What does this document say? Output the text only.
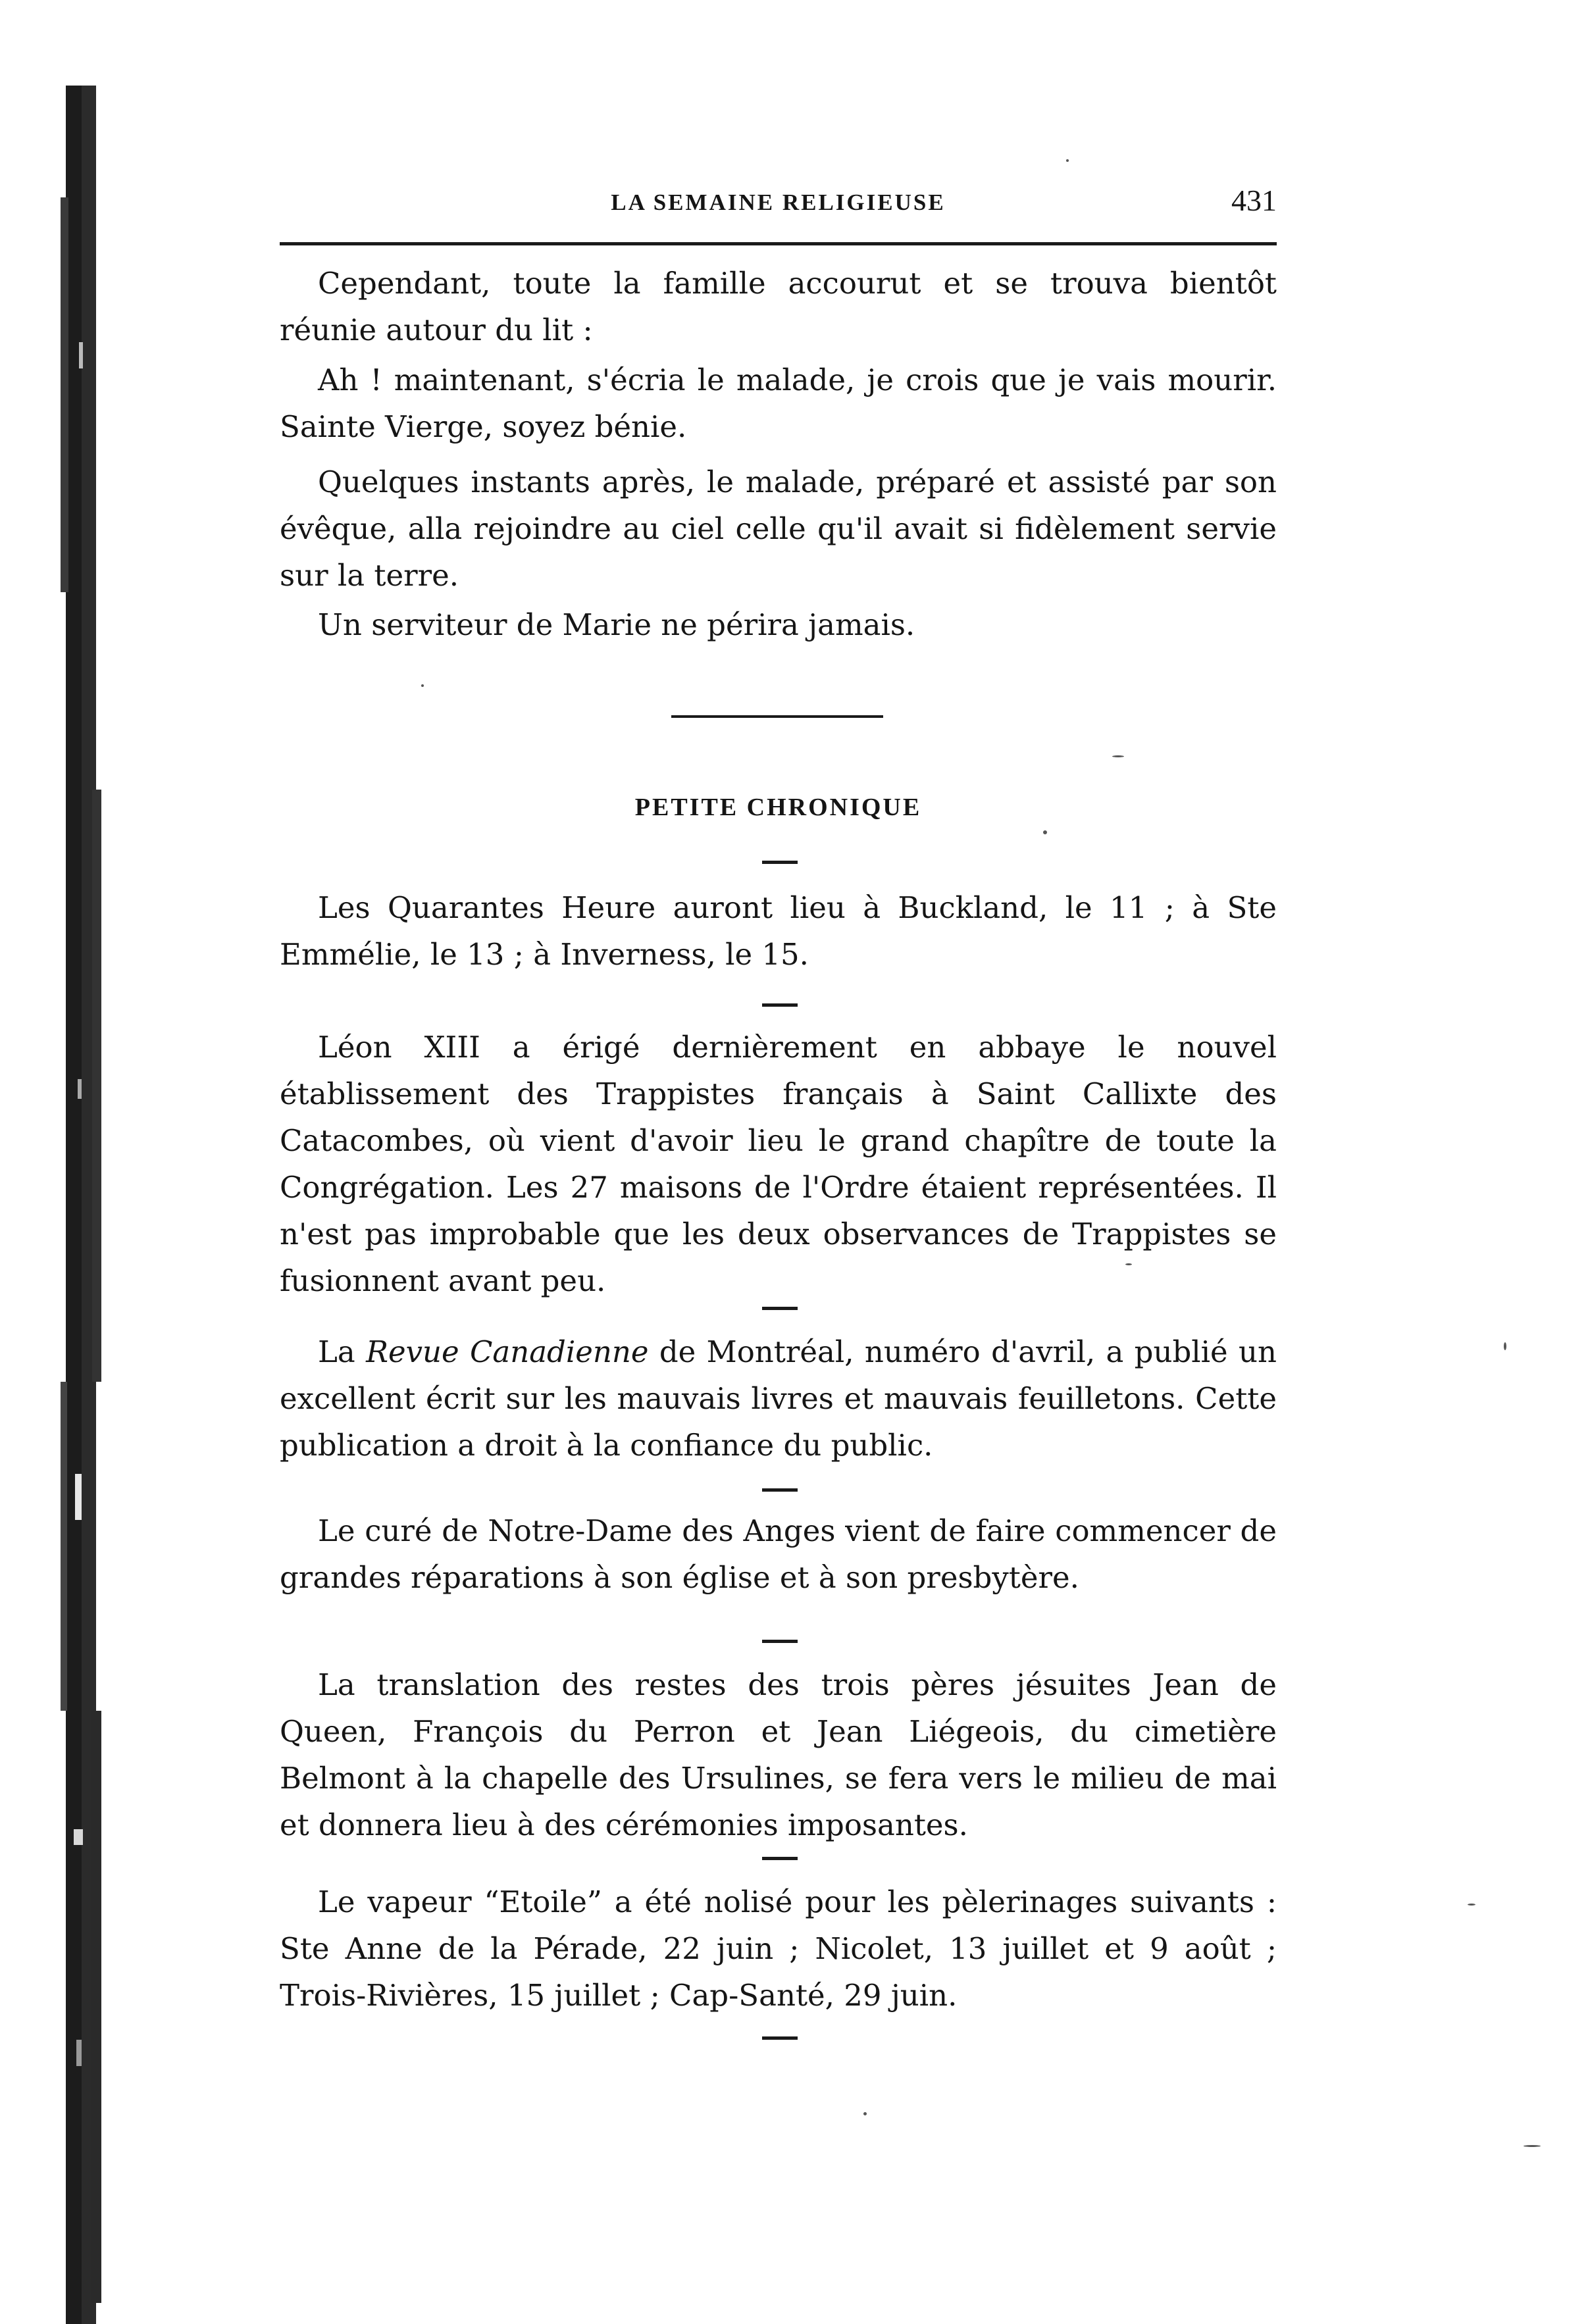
LA SEMAINE RELIGIEUSE	431

Cependant, toute la famille accourut et se trouva bientôt réunie autour du lit :

Ah ! maintenant, s'écria le malade, je crois que je vais mourir. Sainte Vierge, soyez bénie.

Quelques instants après, le malade, préparé et assisté par son évêque, alla rejoindre au ciel celle qu'il avait si fidèlement servie sur la terre.

Un serviteur de Marie ne périra jamais.

PETITE CHRONIQUE

Les Quarantes Heure auront lieu à Buckland, le 11 ; à Ste Emmélie, le 13 ; à Inverness, le 15.

Léon XIII a érigé dernièrement en abbaye le nouvel établissement des Trappistes français à Saint Callixte des Catacombes, où vient d'avoir lieu le grand chapître de toute la Congrégation. Les 27 maisons de l'Ordre étaient représentées. Il n'est pas improbable que les deux observances de Trappistes se fusionnent avant peu.

La Revue Canadienne de Montréal, numéro d'avril, a publié un excellent écrit sur les mauvais livres et mauvais feuilletons. Cette publication a droit à la confiance du public.

Le curé de Notre-Dame des Anges vient de faire commencer de grandes réparations à son église et à son presbytère.

La translation des restes des trois pères jésuites Jean de Queen, François du Perron et Jean Liégeois, du cimetière Belmont à la chapelle des Ursulines, se fera vers le milieu de mai et donnera lieu à des cérémonies imposantes.

Le vapeur “Etoile” a été nolisé pour les pèlerinages suivants : Ste Anne de la Pérade, 22 juin ; Nicolet, 13 juillet et 9 août ; Trois-Rivières, 15 juillet ; Cap-Santé, 29 juin.
